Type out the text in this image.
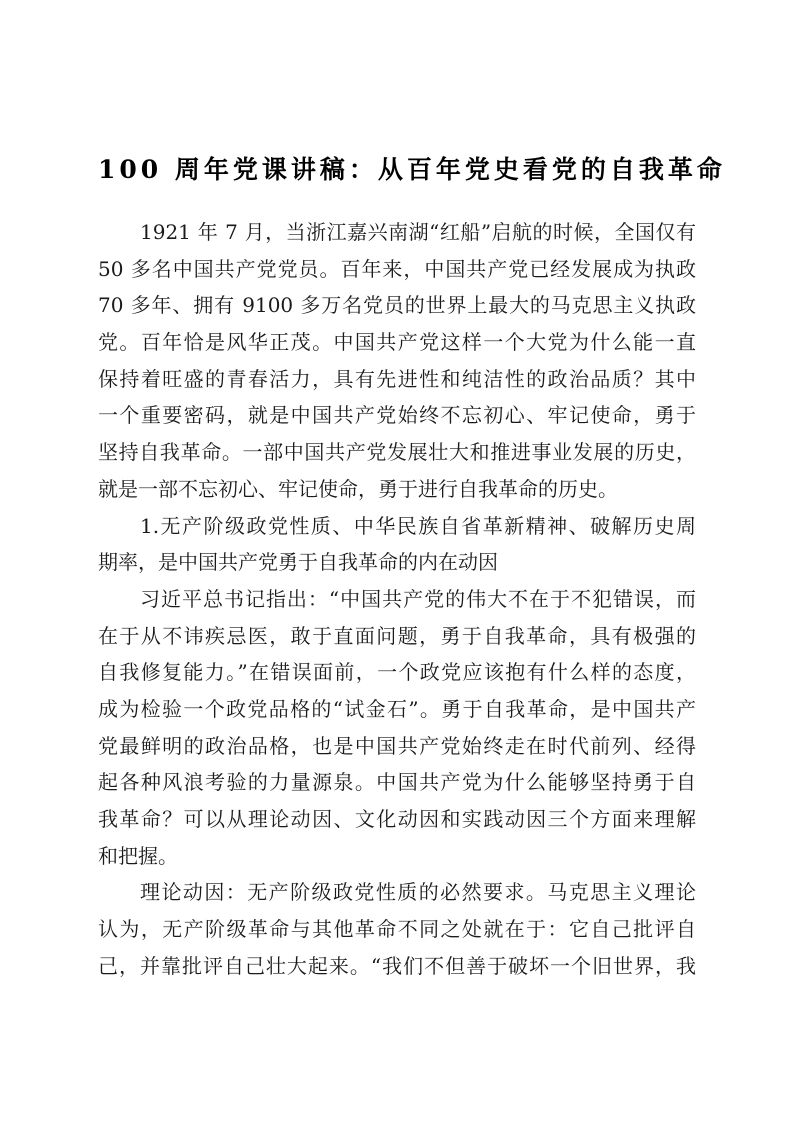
100 周年党课讲稿：从百年党史看党的自我革命
1921 年 7 月，当浙江嘉兴南湖“红船”启航的时候，全国仅有
50 多名中国共产党党员。百年来，中国共产党已经发展成为执政
70 多年、拥有 9100 多万名党员的世界上最大的马克思主义执政
党。百年恰是风华正茂。中国共产党这样一个大党为什么能一直
保持着旺盛的青春活力，具有先进性和纯洁性的政治品质？其中
一个重要密码，就是中国共产党始终不忘初心、牢记使命，勇于
坚持自我革命。一部中国共产党发展壮大和推进事业发展的历史，
就是一部不忘初心、牢记使命，勇于进行自我革命的历史。
1.无产阶级政党性质、中华民族自省革新精神、破解历史周
期率，是中国共产党勇于自我革命的内在动因
习近平总书记指出：“中国共产党的伟大不在于不犯错误，而
在于从不讳疾忌医，敢于直面问题，勇于自我革命，具有极强的
自我修复能力。”在错误面前，一个政党应该抱有什么样的态度，
成为检验一个政党品格的“试金石”。勇于自我革命，是中国共产
党最鲜明的政治品格，也是中国共产党始终走在时代前列、经得
起各种风浪考验的力量源泉。中国共产党为什么能够坚持勇于自
我革命？可以从理论动因、文化动因和实践动因三个方面来理解
和把握。
理论动因：无产阶级政党性质的必然要求。马克思主义理论
认为，无产阶级革命与其他革命不同之处就在于：它自己批评自
己，并靠批评自己壮大起来。“我们不但善于破坏一个旧世界，我
